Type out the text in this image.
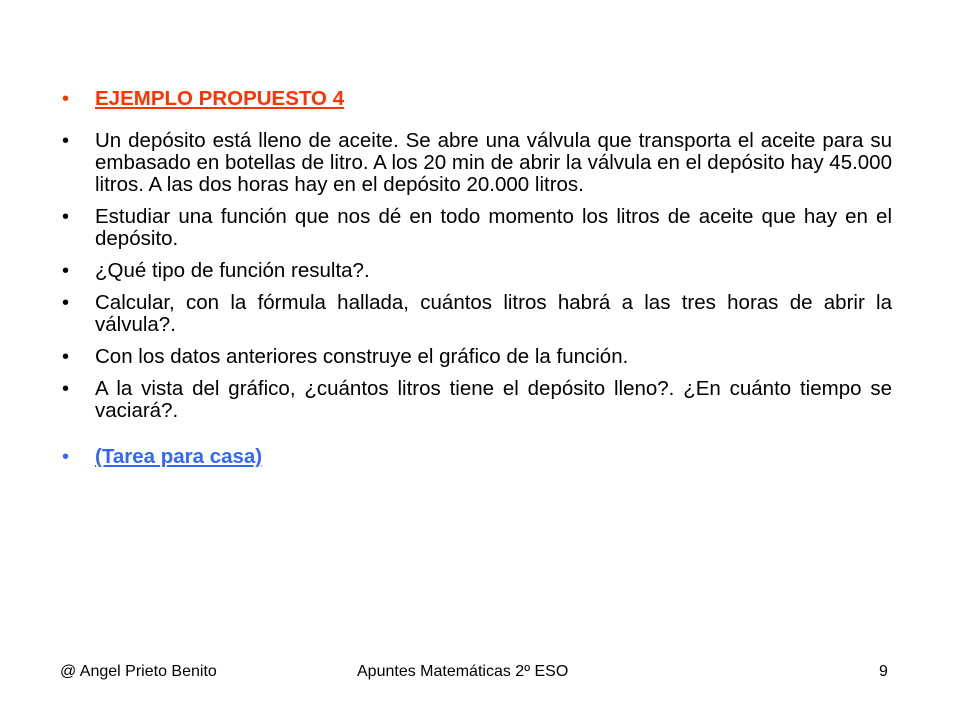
• EJEMPLO PROPUESTO 4
• Un depósito está lleno de aceite. Se abre una válvula que transporta el aceite para su embasado en botellas de litro. A los 20 min de abrir la válvula en el depósito hay 45.000 litros. A las dos horas hay en el depósito 20.000 litros.
• Estudiar una función que nos dé en todo momento los litros de aceite que hay en el depósito.
• ¿Qué tipo de función resulta?.
• Calcular, con la fórmula hallada, cuántos litros habrá a las tres horas de abrir la válvula?.
• Con los datos anteriores construye el gráfico de la función.
• A la vista del gráfico, ¿cuántos litros tiene el depósito lleno?. ¿En cuánto tiempo se vaciará?.
• (Tarea para casa)
@ Angel Prieto Benito	Apuntes Matemáticas 2º ESO	9
